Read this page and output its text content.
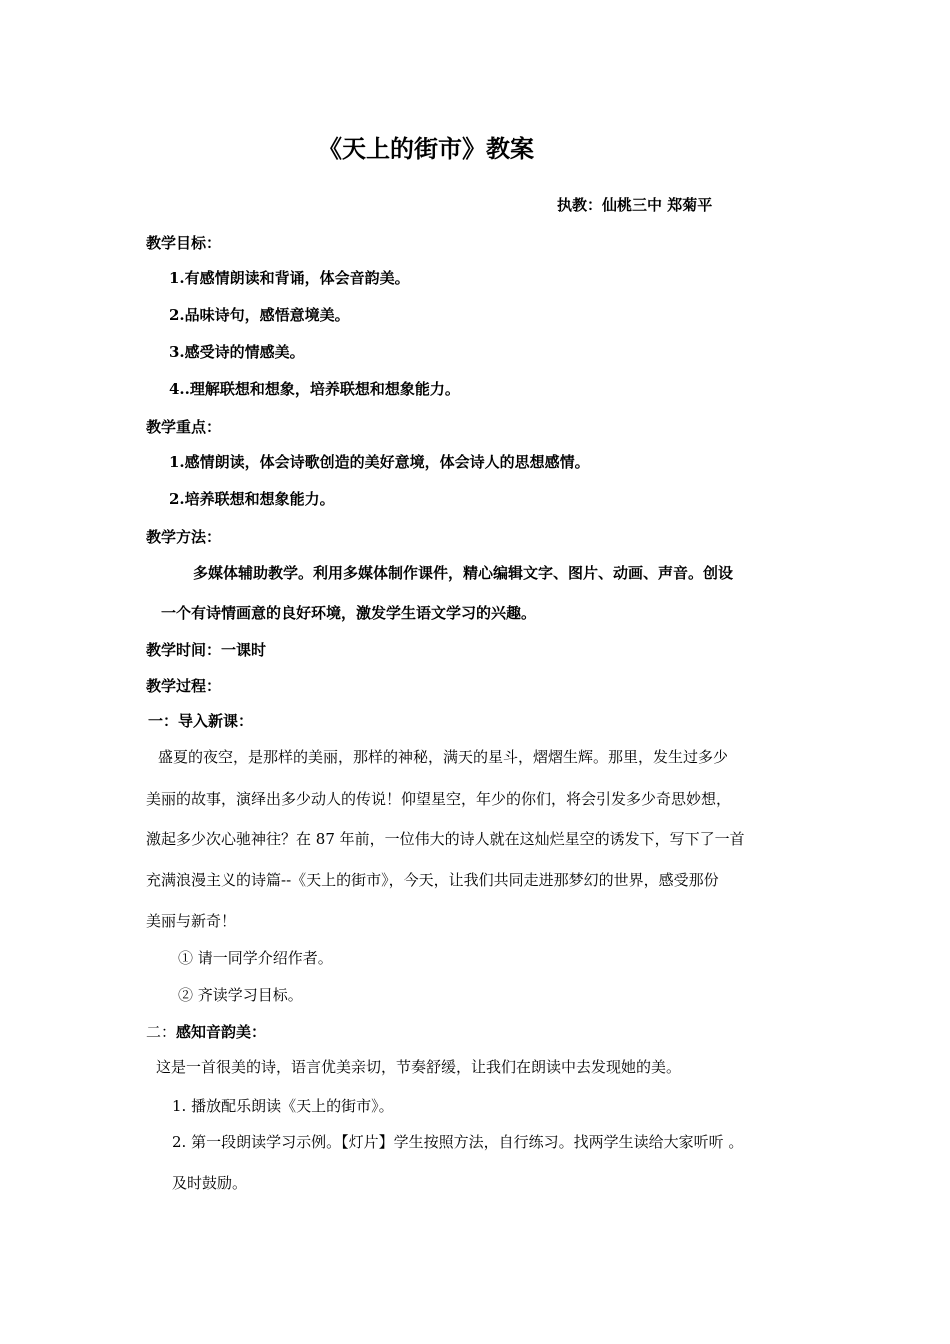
《天上的街市》教案
执教：仙桃三中 郑菊平
教学目标：
1.有感情朗读和背诵，体会音韵美。
2.品味诗句，感悟意境美。
3.感受诗的情感美。
4..理解联想和想象，培养联想和想象能力。
教学重点：
1.感情朗读，体会诗歌创造的美好意境，体会诗人的思想感情。
2.培养联想和想象能力。
教学方法：
多媒体辅助教学。利用多媒体制作课件，精心编辑文字、图片、动画、声音。创设
一个有诗情画意的良好环境，激发学生语文学习的兴趣。
教学时间：一课时
教学过程：
一：导入新课：
盛夏的夜空，是那样的美丽，那样的神秘，满天的星斗，熠熠生辉。那里，发生过多少
美丽的故事，演绎出多少动人的传说！仰望星空，年少的你们，将会引发多少奇思妙想，
激起多少次心驰神往？在 87 年前，一位伟大的诗人就在这灿烂星空的诱发下，写下了一首
充满浪漫主义的诗篇--《天上的街市》，今天，让我们共同走进那梦幻的世界，感受那份
美丽与新奇！
① 请一同学介绍作者。
② 齐读学习目标。
二：感知音韵美：
这是一首很美的诗，语言优美亲切，节奏舒缓，让我们在朗读中去发现她的美。
1. 播放配乐朗读《天上的街市》。
2. 第一段朗读学习示例。【灯片】学生按照方法，自行练习。找两学生读给大家听听 。
及时鼓励。
